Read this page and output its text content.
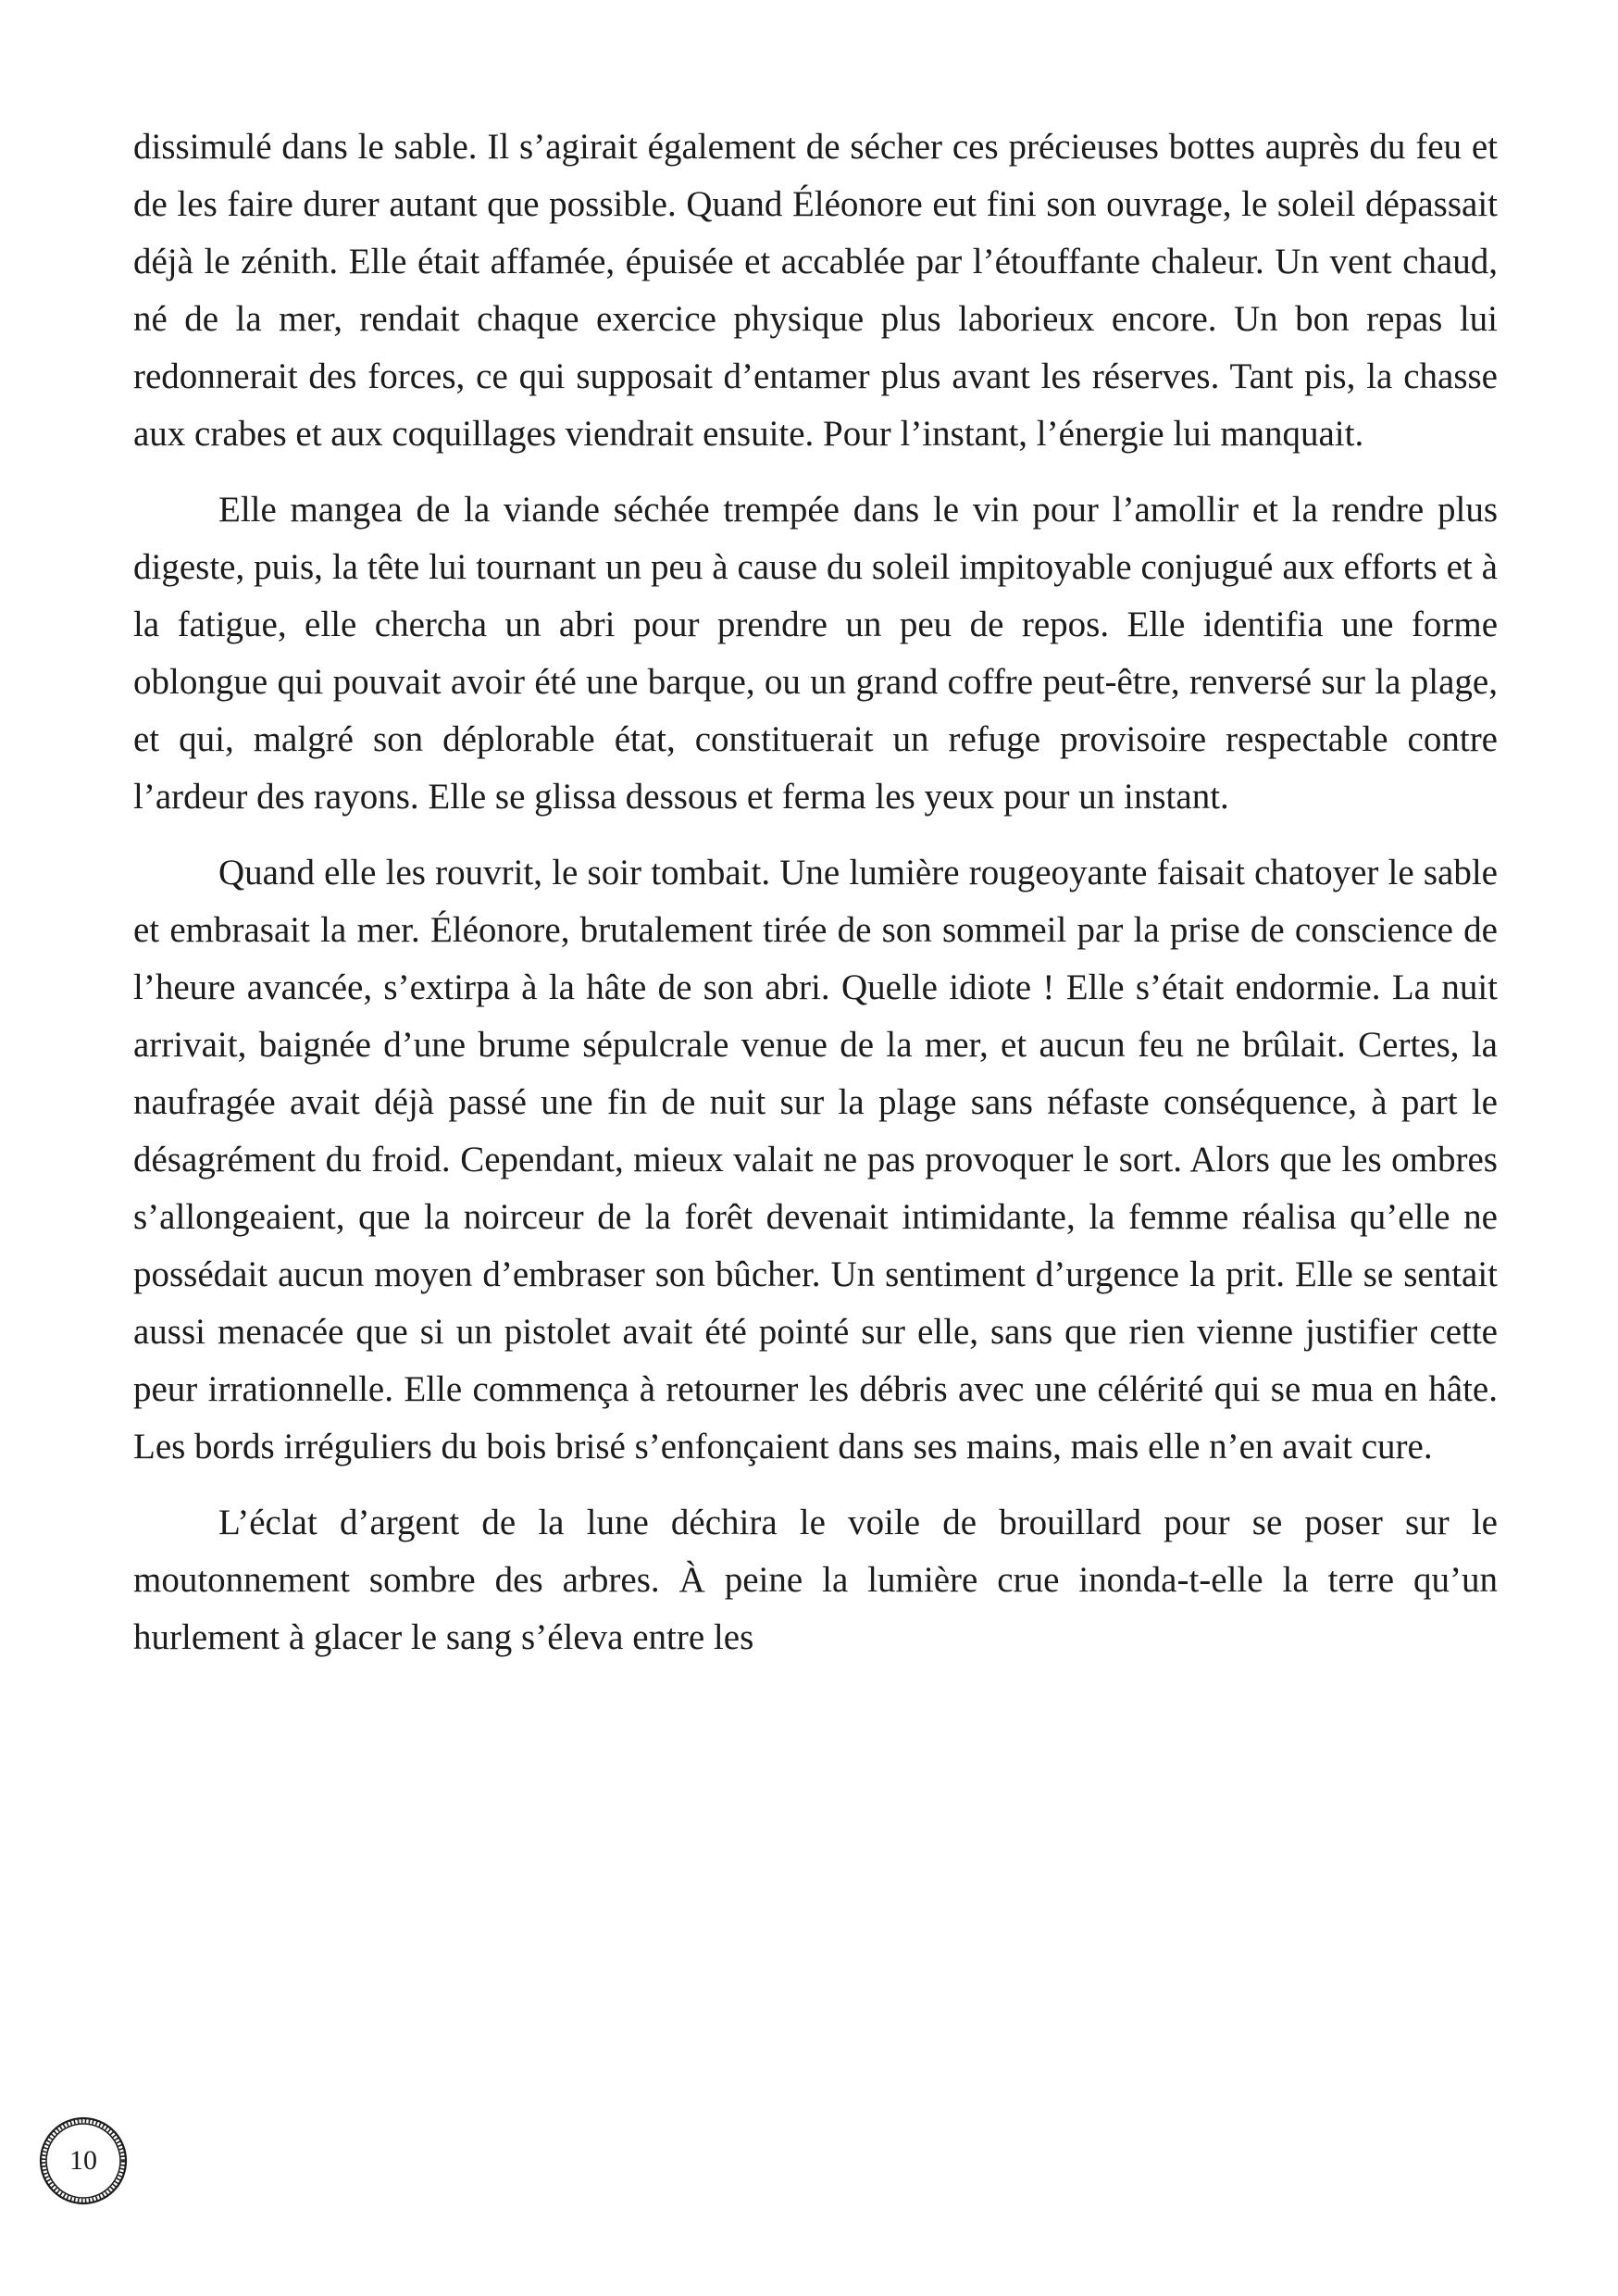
dissimulé dans le sable. Il s’agirait également de sécher ces précieuses bottes auprès du feu et de les faire durer autant que possible. Quand Éléonore eut fini son ouvrage, le soleil dépassait déjà le zénith. Elle était affamée, épuisée et accablée par l’étouffante chaleur. Un vent chaud, né de la mer, rendait chaque exercice physique plus laborieux encore. Un bon repas lui redonnerait des forces, ce qui supposait d’entamer plus avant les réserves. Tant pis, la chasse aux crabes et aux coquillages viendrait ensuite. Pour l’instant, l’énergie lui manquait.

Elle mangea de la viande séchée trempée dans le vin pour l’amollir et la rendre plus digeste, puis, la tête lui tournant un peu à cause du soleil impitoyable conjugué aux efforts et à la fatigue, elle chercha un abri pour prendre un peu de repos. Elle identifia une forme oblongue qui pouvait avoir été une barque, ou un grand coffre peut-être, renversé sur la plage, et qui, malgré son déplorable état, constituerait un refuge provisoire respectable contre l’ardeur des rayons. Elle se glissa dessous et ferma les yeux pour un instant.

Quand elle les rouvrit, le soir tombait. Une lumière rougeoyante faisait chatoyer le sable et embrasait la mer. Éléonore, brutalement tirée de son sommeil par la prise de conscience de l’heure avancée, s’extirpa à la hâte de son abri. Quelle idiote ! Elle s’était endormie. La nuit arrivait, baignée d’une brume sépulcrale venue de la mer, et aucun feu ne brûlait. Certes, la naufragée avait déjà passé une fin de nuit sur la plage sans néfaste conséquence, à part le désagrément du froid. Cependant, mieux valait ne pas provoquer le sort. Alors que les ombres s’allongeaient, que la noirceur de la forêt devenait intimidante, la femme réalisa qu’elle ne possédait aucun moyen d’embraser son bûcher. Un sentiment d’urgence la prit. Elle se sentait aussi menacée que si un pistolet avait été pointé sur elle, sans que rien vienne justifier cette peur irrationnelle. Elle commença à retourner les débris avec une célérité qui se mua en hâte. Les bords irréguliers du bois brisé s’enfonçaient dans ses mains, mais elle n’en avait cure.

L’éclat d’argent de la lune déchira le voile de brouillard pour se poser sur le moutonnement sombre des arbres. À peine la lumière crue inonda-t-elle la terre qu’un hurlement à glacer le sang s’éleva entre les

10
